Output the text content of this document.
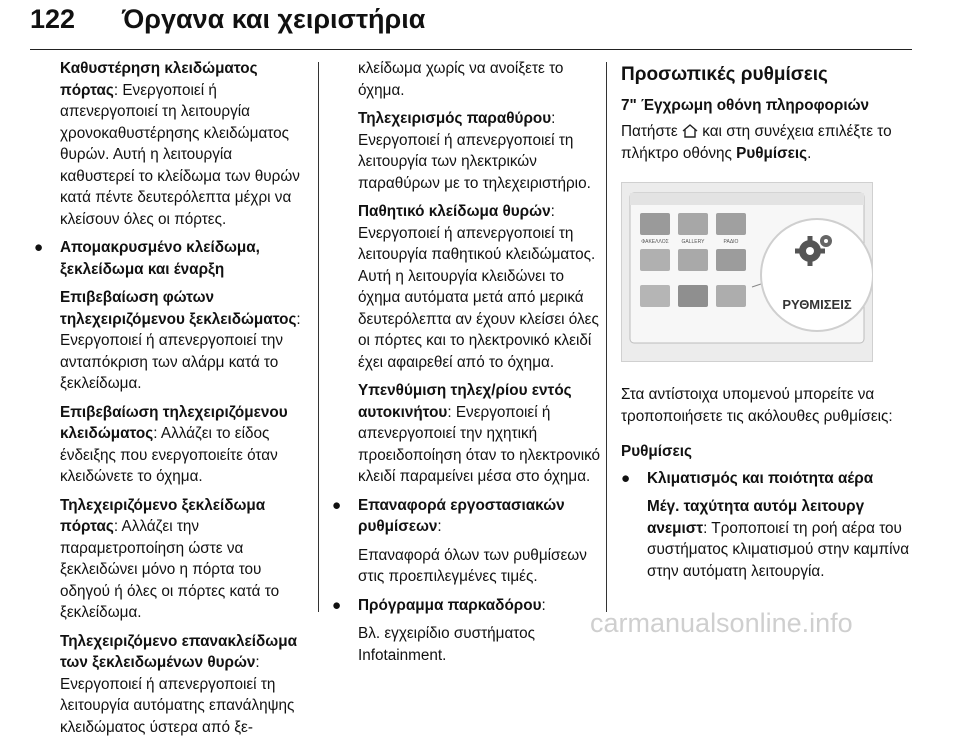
122 Όργανα και χειριστήρια

Καθυστέρηση κλειδώματος πόρτας: Ενεργοποιεί ή απενεργοποιεί τη λειτουργία χρονοκαθυστέρησης κλειδώματος θυρών. Αυτή η λειτουργία καθυστερεί το κλείδωμα των θυρών κατά πέντε δευτερόλεπτα μέχρι να κλείσουν όλες οι πόρτες.

● Απομακρυσμένο κλείδωμα, ξεκλείδωμα και έναρξη

Επιβεβαίωση φώτων τηλεχειριζόμενου ξεκλειδώματος: Ενεργοποιεί ή απενεργοποιεί την ανταπόκριση των αλάρμ κατά το ξεκλείδωμα.

Επιβεβαίωση τηλεχειριζόμενου κλειδώματος: Αλλάζει το είδος ένδειξης που ενεργοποιείτε όταν κλειδώνετε το όχημα.

Τηλεχειριζόμενο ξεκλείδωμα πόρτας: Αλλάζει την παραμετροποίηση ώστε να ξεκλειδώνει μόνο η πόρτα του οδηγού ή όλες οι πόρτες κατά το ξεκλείδωμα.

Τηλεχειριζόμενο επανακλείδωμα των ξεκλειδωμένων θυρών: Ενεργοποιεί ή απενεργοποιεί τη λειτουργία αυτόματης επανάληψης κλειδώματος ύστερα από ξε-

κλείδωμα χωρίς να ανοίξετε το όχημα.

Τηλεχειρισμός παραθύρου: Ενεργοποιεί ή απενεργοποιεί τη λειτουργία των ηλεκτρικών παραθύρων με το τηλεχειριστήριο.

Παθητικό κλείδωμα θυρών: Ενεργοποιεί ή απενεργοποιεί τη λειτουργία παθητικού κλειδώματος. Αυτή η λειτουργία κλειδώνει το όχημα αυτόματα μετά από μερικά δευτερόλεπτα αν έχουν κλείσει όλες οι πόρτες και το ηλεκτρονικό κλειδί έχει αφαιρεθεί από το όχημα.

Υπενθύμιση τηλεχ/ρίου εντός αυτοκινήτου: Ενεργοποιεί ή απενεργοποιεί την ηχητική προειδοποίηση όταν το ηλεκτρονικό κλειδί παραμείνει μέσα στο όχημα.

● Επαναφορά εργοστασιακών ρυθμίσεων:

Επαναφορά όλων των ρυθμίσεων στις προεπιλεγμένες τιμές.

● Πρόγραμμα παρκαδόρου:

Βλ. εγχειρίδιο συστήματος Infotainment.

Προσωπικές ρυθμίσεις
7" Έγχρωμη οθόνη πληροφοριών

Πατήστε  και στη συνέχεια επιλέξτε το πλήκτρο οθόνης Ρυθμίσεις.

ΦΑΚΕΛΛΟΣ	GALLERY	ΡΑΔΙΟ
ΡΥΘΜΙΣΕΙΣ

Στα αντίστοιχα υπομενού μπορείτε να τροποποιήσετε τις ακόλουθες ρυθμίσεις:

Ρυθμίσεις
● Κλιματισμός και ποιότητα αέρα

Μέγ. ταχύτητα αυτόμ λειτουργ ανεμιστ: Τροποποιεί τη ροή αέρα του συστήματος κλιματισμού στην καμπίνα στην αυτόματη λειτουργία.

carmanualsonline.info
